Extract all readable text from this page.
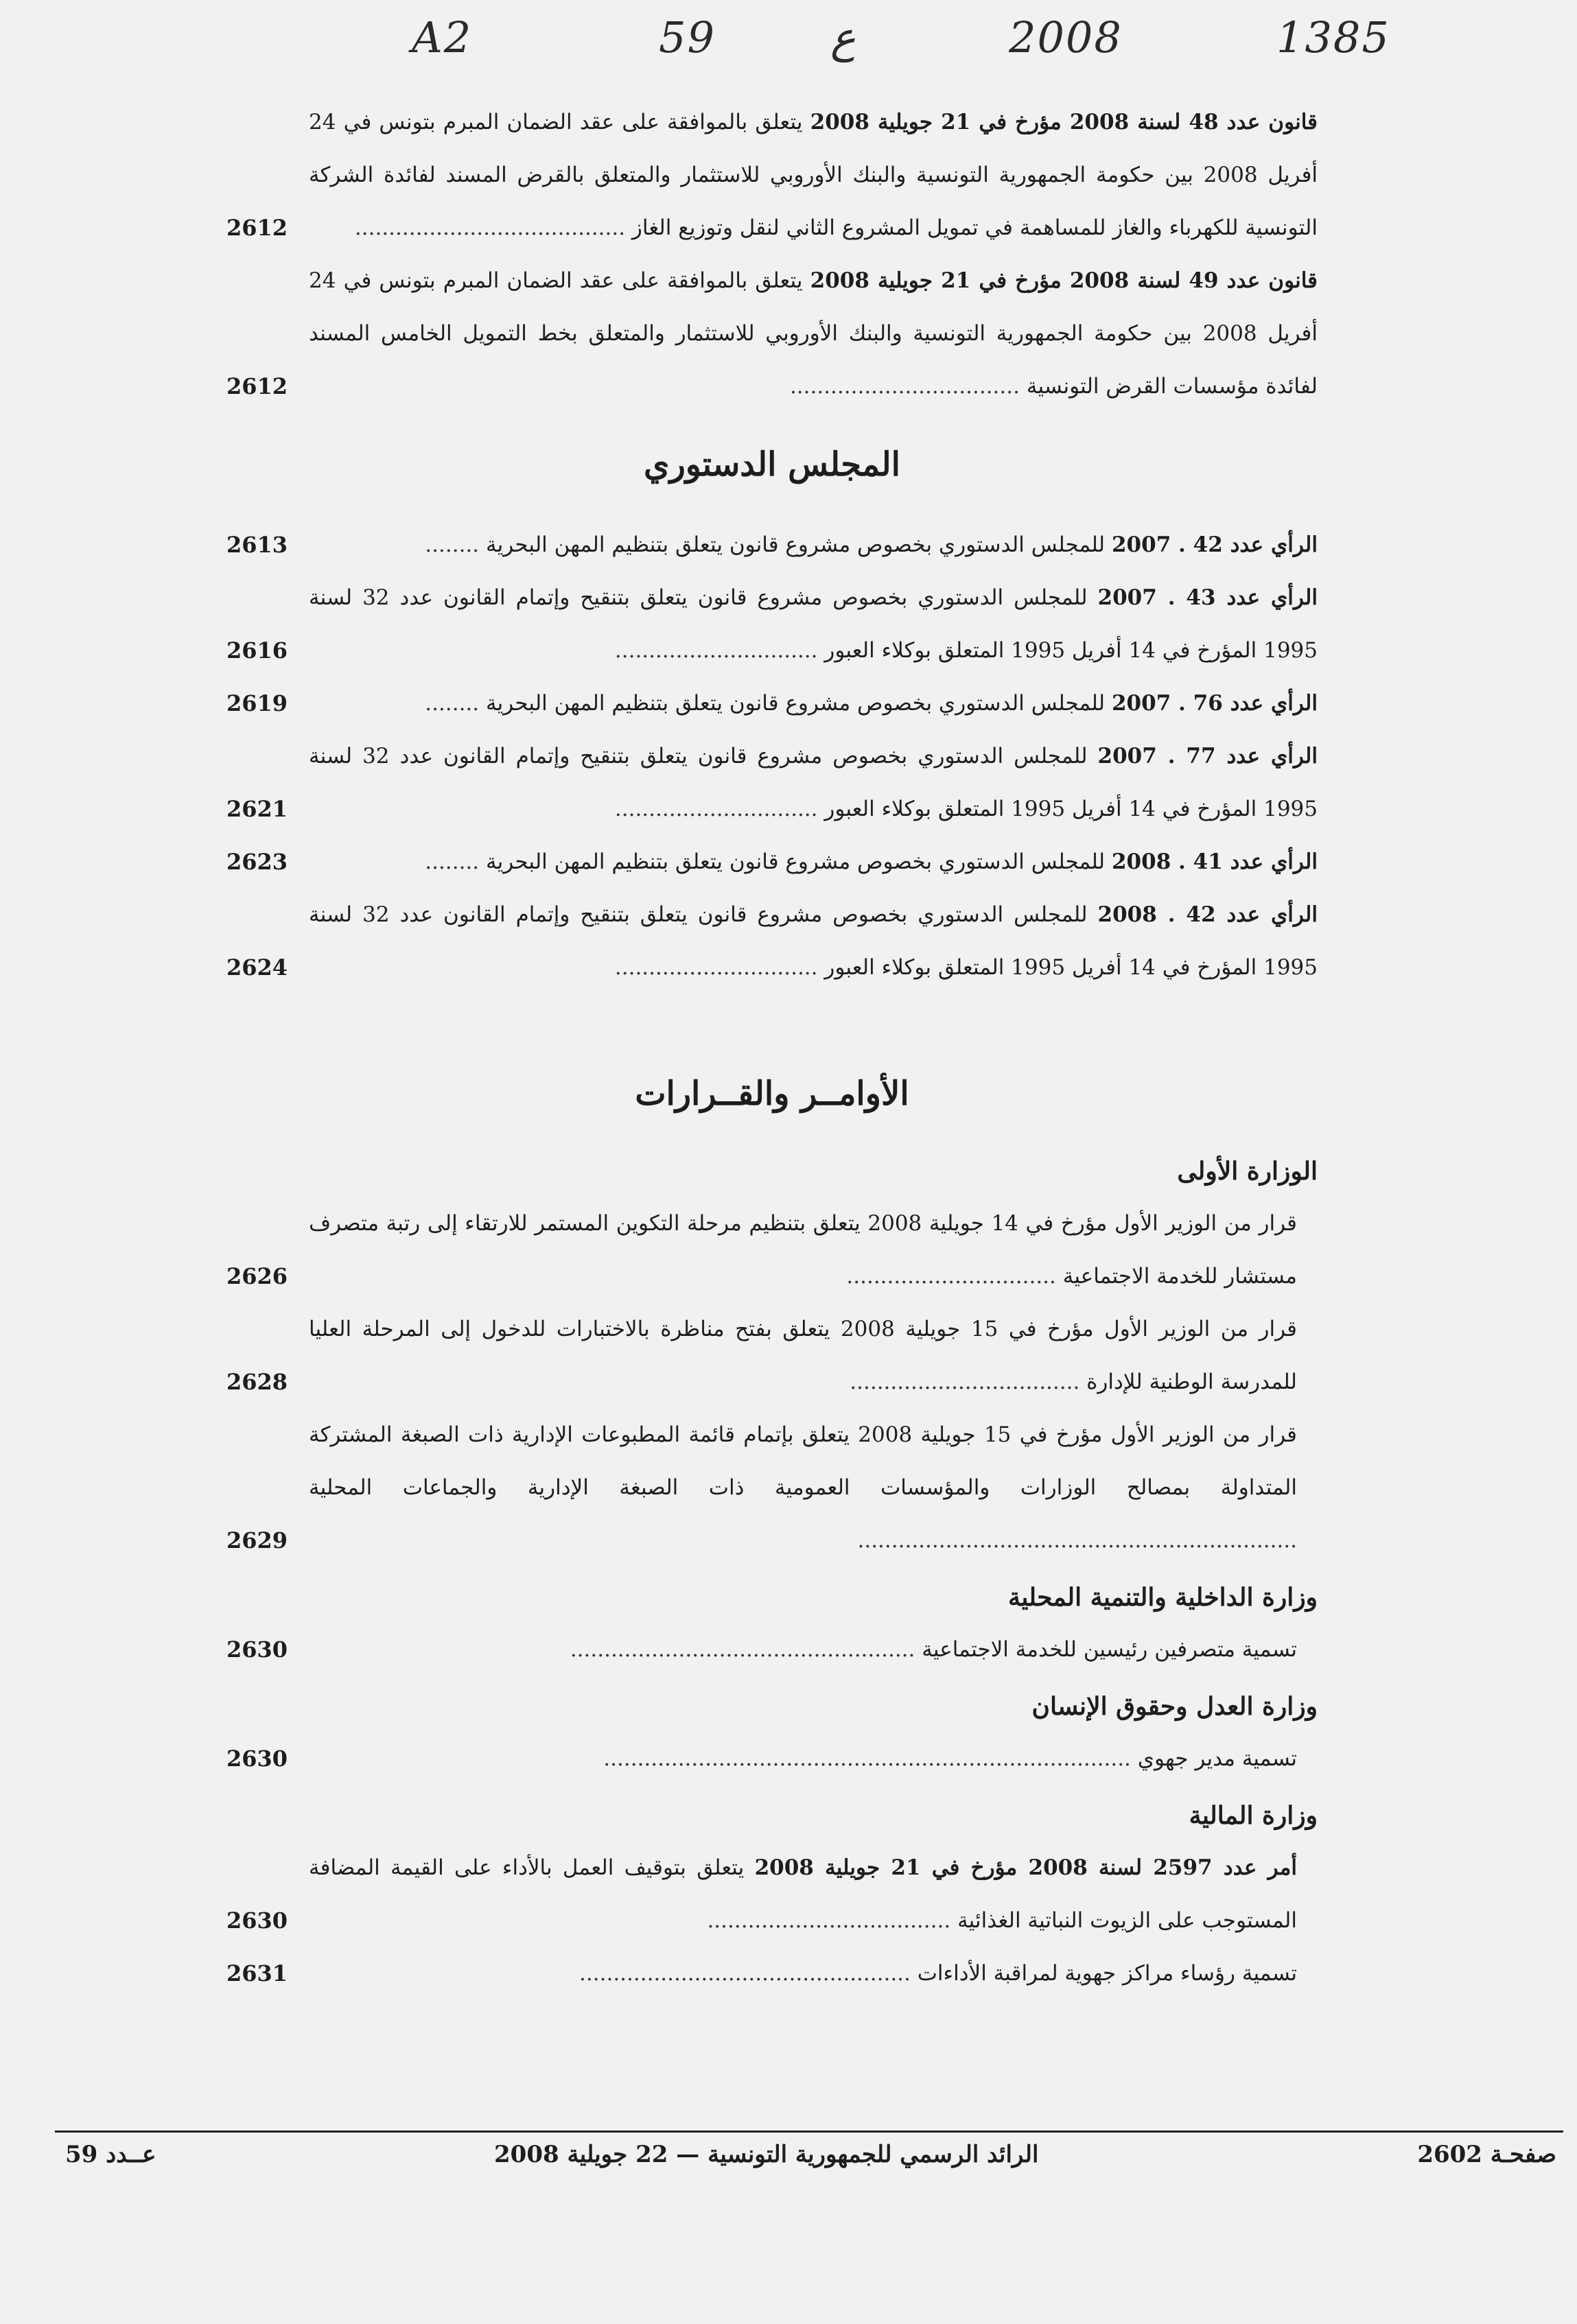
A2	59	ع	2008	1385
قانون عدد 48 لسنة 2008 مؤرخ في 21 جويلية 2008 يتعلق بالموافقة على عقد الضمان المبرم بتونس في 24 أفريل 2008 بين حكومة الجمهورية التونسية والبنك الأوروبي للاستثمار والمتعلق بالقرض المسند لفائدة الشركة التونسية للكهرباء والغاز للمساهمة في تمويل المشروع الثاني لنقل وتوزيع الغاز ........................................
2612
قانون عدد 49 لسنة 2008 مؤرخ في 21 جويلية 2008 يتعلق بالموافقة على عقد الضمان المبرم بتونس في 24 أفريل 2008 بين حكومة الجمهورية التونسية والبنك الأوروبي للاستثمار والمتعلق بخط التمويل الخامس المسند لفائدة مؤسسات القرض التونسية ..................................
2612
المجلس الدستوري
الرأي عدد 42 . 2007 للمجلس الدستوري بخصوص مشروع قانون يتعلق بتنظيم المهن البحرية ........
2613
الرأي عدد 43 . 2007 للمجلس الدستوري بخصوص مشروع قانون يتعلق بتنقيح وإتمام القانون عدد 32 لسنة 1995 المؤرخ في 14 أفريل 1995 المتعلق بوكلاء العبور ..............................
2616
الرأي عدد 76 . 2007 للمجلس الدستوري بخصوص مشروع قانون يتعلق بتنظيم المهن البحرية ........
2619
الرأي عدد 77 . 2007 للمجلس الدستوري بخصوص مشروع قانون يتعلق بتنقيح وإتمام القانون عدد 32 لسنة 1995 المؤرخ في 14 أفريل 1995 المتعلق بوكلاء العبور ..............................
2621
الرأي عدد 41 . 2008 للمجلس الدستوري بخصوص مشروع قانون يتعلق بتنظيم المهن البحرية ........
2623
الرأي عدد 42 . 2008 للمجلس الدستوري بخصوص مشروع قانون يتعلق بتنقيح وإتمام القانون عدد 32 لسنة 1995 المؤرخ في 14 أفريل 1995 المتعلق بوكلاء العبور ..............................
2624
الأوامــر والقــرارات
الوزارة الأولى
قرار من الوزير الأول مؤرخ في 14 جويلية 2008 يتعلق بتنظيم مرحلة التكوين المستمر للارتقاء إلى رتبة متصرف مستشار للخدمة الاجتماعية ...............................
2626
قرار من الوزير الأول مؤرخ في 15 جويلية 2008 يتعلق بفتح مناظرة بالاختبارات للدخول إلى المرحلة العليا للمدرسة الوطنية للإدارة ..................................
2628
قرار من الوزير الأول مؤرخ في 15 جويلية 2008 يتعلق بإتمام قائمة المطبوعات الإدارية ذات الصبغة المشتركة المتداولة بمصالح الوزارات والمؤسسات العمومية ذات الصبغة الإدارية والجماعات المحلية .................................................................
2629
وزارة الداخلية والتنمية المحلية
تسمية متصرفين رئيسين للخدمة الاجتماعية ...................................................
2630
وزارة العدل وحقوق الإنسان
تسمية مدير جهوي ..............................................................................
2630
وزارة المالية
أمر عدد 2597 لسنة 2008 مؤرخ في 21 جويلية 2008 يتعلق بتوقيف العمل بالأداء على القيمة المضافة المستوجب على الزيوت النباتية الغذائية ....................................
2630
تسمية رؤساء مراكز جهوية لمراقبة الأداءات .................................................
2631
صفحـة 2602
الرائد الرسمي للجمهورية التونسية — 22 جويلية 2008
عــدد 59
